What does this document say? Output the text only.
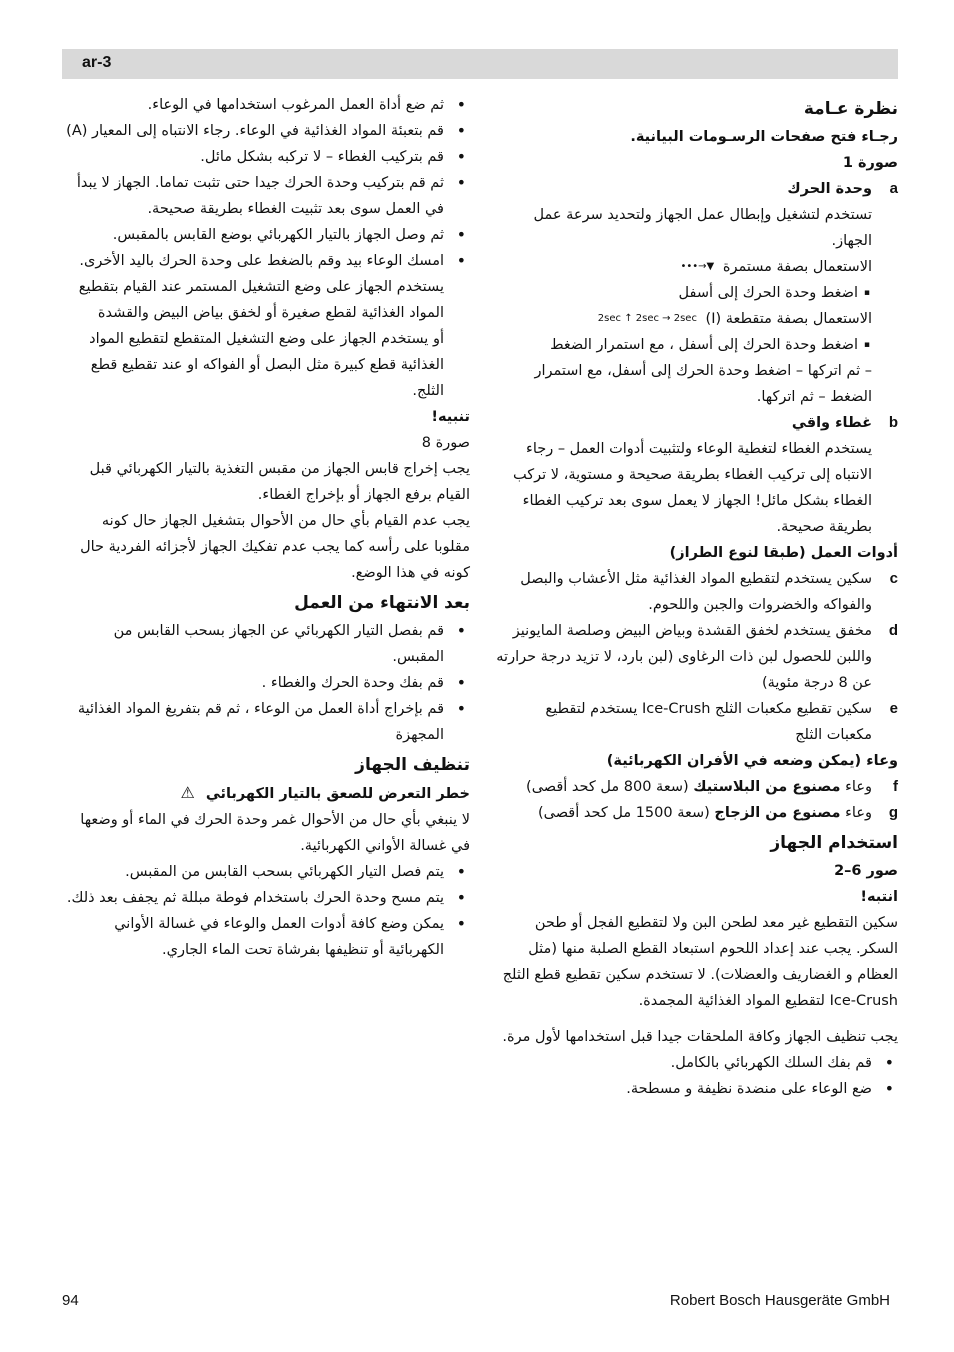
ar-3
نظرة عـامة
رجـاء فتح صفحات الرسـومات البيانية.
صورة 1
a
وحدة الحرك
تستخدم لتشغيل وإبطال عمل الجهاز ولتحديد سرعة عمل الجهاز.
الاستعمال بصفة مستمرة •••→▼
▪ اضغط وحدة الحرك إلى أسفل
الاستعمال بصفة متقطعة (I) 2sec ↑ 2sec → 2sec
▪ اضغط وحدة الحرك إلى أسفل ، مع استمرار الضغط
– ثم اتركها – اضغط وحدة الحرك إلى أسفل، مع استمرار الضغط – ثم اتركها.
b
غطاء واقي
يستخدم الغطاء لتغطية الوعاء ولتثبيت أدوات العمل – رجاء الانتباه إلى تركيب الغطاء بطريقة صحيحة و مستوية، لا تركب الغطاء بشكل مائل! الجهاز لا يعمل سوى بعد تركيب الغطاء بطريقة صحيحة.
أدوات العمل (طبقا لنوع الطراز)
c
سكين يستخدم لتقطيع المواد الغذائية مثل الأعشاب والبصل والفواكه والخضروات والجبن واللحوم.
d
مخفق يستخدم لخفق القشدة وبياض البيض وصلصة المايونيز واللبن للحصول لبن ذات الرغاوى (لبن بارد، لا تزيد درجة حرارته عن 8 درجة مئوية)
e
سكين تقطيع مكعبات الثلج Ice-Crush يستخدم لتقطيع مكعبات الثلج
وعاء (يمكن وضعه في الأفران الكهربائية)
f
وعاء مصنوع من البلاستيك (سعة 800 مل كحد أقصى)
g
وعاء مصنوع من الزجاج (سعة 1500 مل كحد أقصى)
استخدام الجهاز
صور 6–2
انتبه!
سكين التقطيع غير معد لطحن البن ولا لتقطيع الفجل أو طحن السكر. يجب عند إعداد اللحوم استبعاد القطع الصلبة منها (مثل العظام و الغضاريف والعضلات). لا تستخدم سكين تقطيع قطع الثلج Ice-Crush لتقطيع المواد الغذائية المجمدة.
يجب تنظيف الجهاز وكافة الملحقات جيدا قبل استخدامها لأول مرة.
• قم بفك السلك الكهربائي بالكامل.
• ضع الوعاء على منضدة نظيفة و مسطحة.
• ثم ضع أداة العمل المرغوب استخدامها في الوعاء.
• قم بتعبئة المواد الغذائية في الوعاء. رجاء الانتباه إلى المعيار (A)
• قم بتركيب الغطاء – لا تركبه بشكل مائل.
• ثم قم بتركيب وحدة الحرك جيدا حتى تثبت تماما. الجهاز لا يبدأ في العمل سوى بعد تثبيت الغطاء بطريقة صحيحة.
• ثم وصل الجهاز بالتيار الكهربائي بوضع القابس بالمقبس.
• امسك الوعاء بيد وقم بالضغط على وحدة الحرك باليد الأخرى.
يستخدم الجهاز على وضع التشغيل المستمر عند القيام بتقطيع المواد الغذائية لقطع صغيرة أو لخفق بياض البيض والقشدة
أو يستخدم الجهاز على وضع التشغيل المتقطع لتقطيع المواد الغذائية قطع كبيرة مثل البصل أو الفواكه او عند تقطيع قطع الثلج.
تنبيه!
صورة 8
يجب إخراج قابس الجهاز من مقبس التغذية بالتيار الكهربائي قبل القيام برفع الجهاز أو بإخراج الغطاء.
يجب عدم القيام بأي حال من الأحوال بتشغيل الجهاز حال كونه مقلوبا على رأسه كما يجب عدم تفكيك الجهاز لأجزائه الفردية حال كونه في هذا الوضع.
بعد الانتهاء من العمل
• قم بفصل التيار الكهربائي عن الجهاز بسحب القابس من المقبس.
• قم بفك وحدة الحرك والغطاء .
• قم بإخراج أداة العمل من الوعاء ، ثم قم بتفريغ المواد الغذائية المجهزة
تنظيف الجهاز
خطر التعرض للصعق بالتيار الكهربائي ⚠
لا ينبغي بأي حال من الأحوال غمر وحدة الحرك في الماء أو وضعها في غسالة الأواني الكهربائية.
• يتم فصل التيار الكهربائي بسحب القابس من المقبس.
• يتم مسح وحدة الحرك باستخدام فوطة مبللة ثم يجفف بعد ذلك.
• يمكن وضع كافة أدوات العمل والوعاء في غسالة الأواني الكهربائية أو تنظيفها بفرشاة تحت الماء الجاري.
94	Robert Bosch Hausgeräte GmbH
